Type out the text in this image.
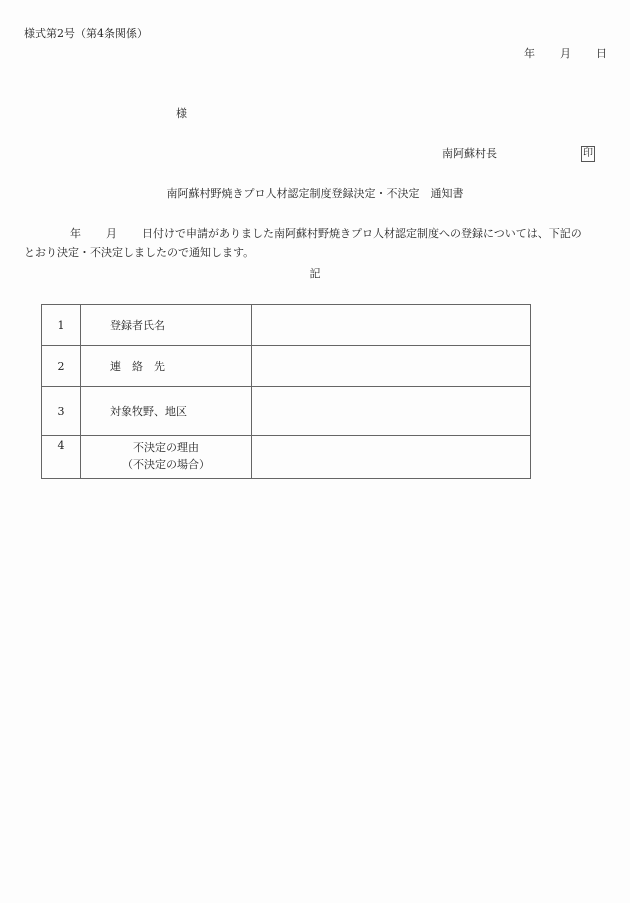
様式第2号（第4条関係）
年 月 日
様
南阿蘇村長	印
南阿蘇村野焼きプロ人材認定制度登録決定・不決定　通知書
年 月 日付けで申請がありました南阿蘇村野焼きプロ人材認定制度への登録については、下記の
とおり決定・不決定しましたので通知します。
記
1	登録者氏名	
2	連　絡　先	
3	対象牧野、地区	
4	不決定の理由
（不決定の場合）	
